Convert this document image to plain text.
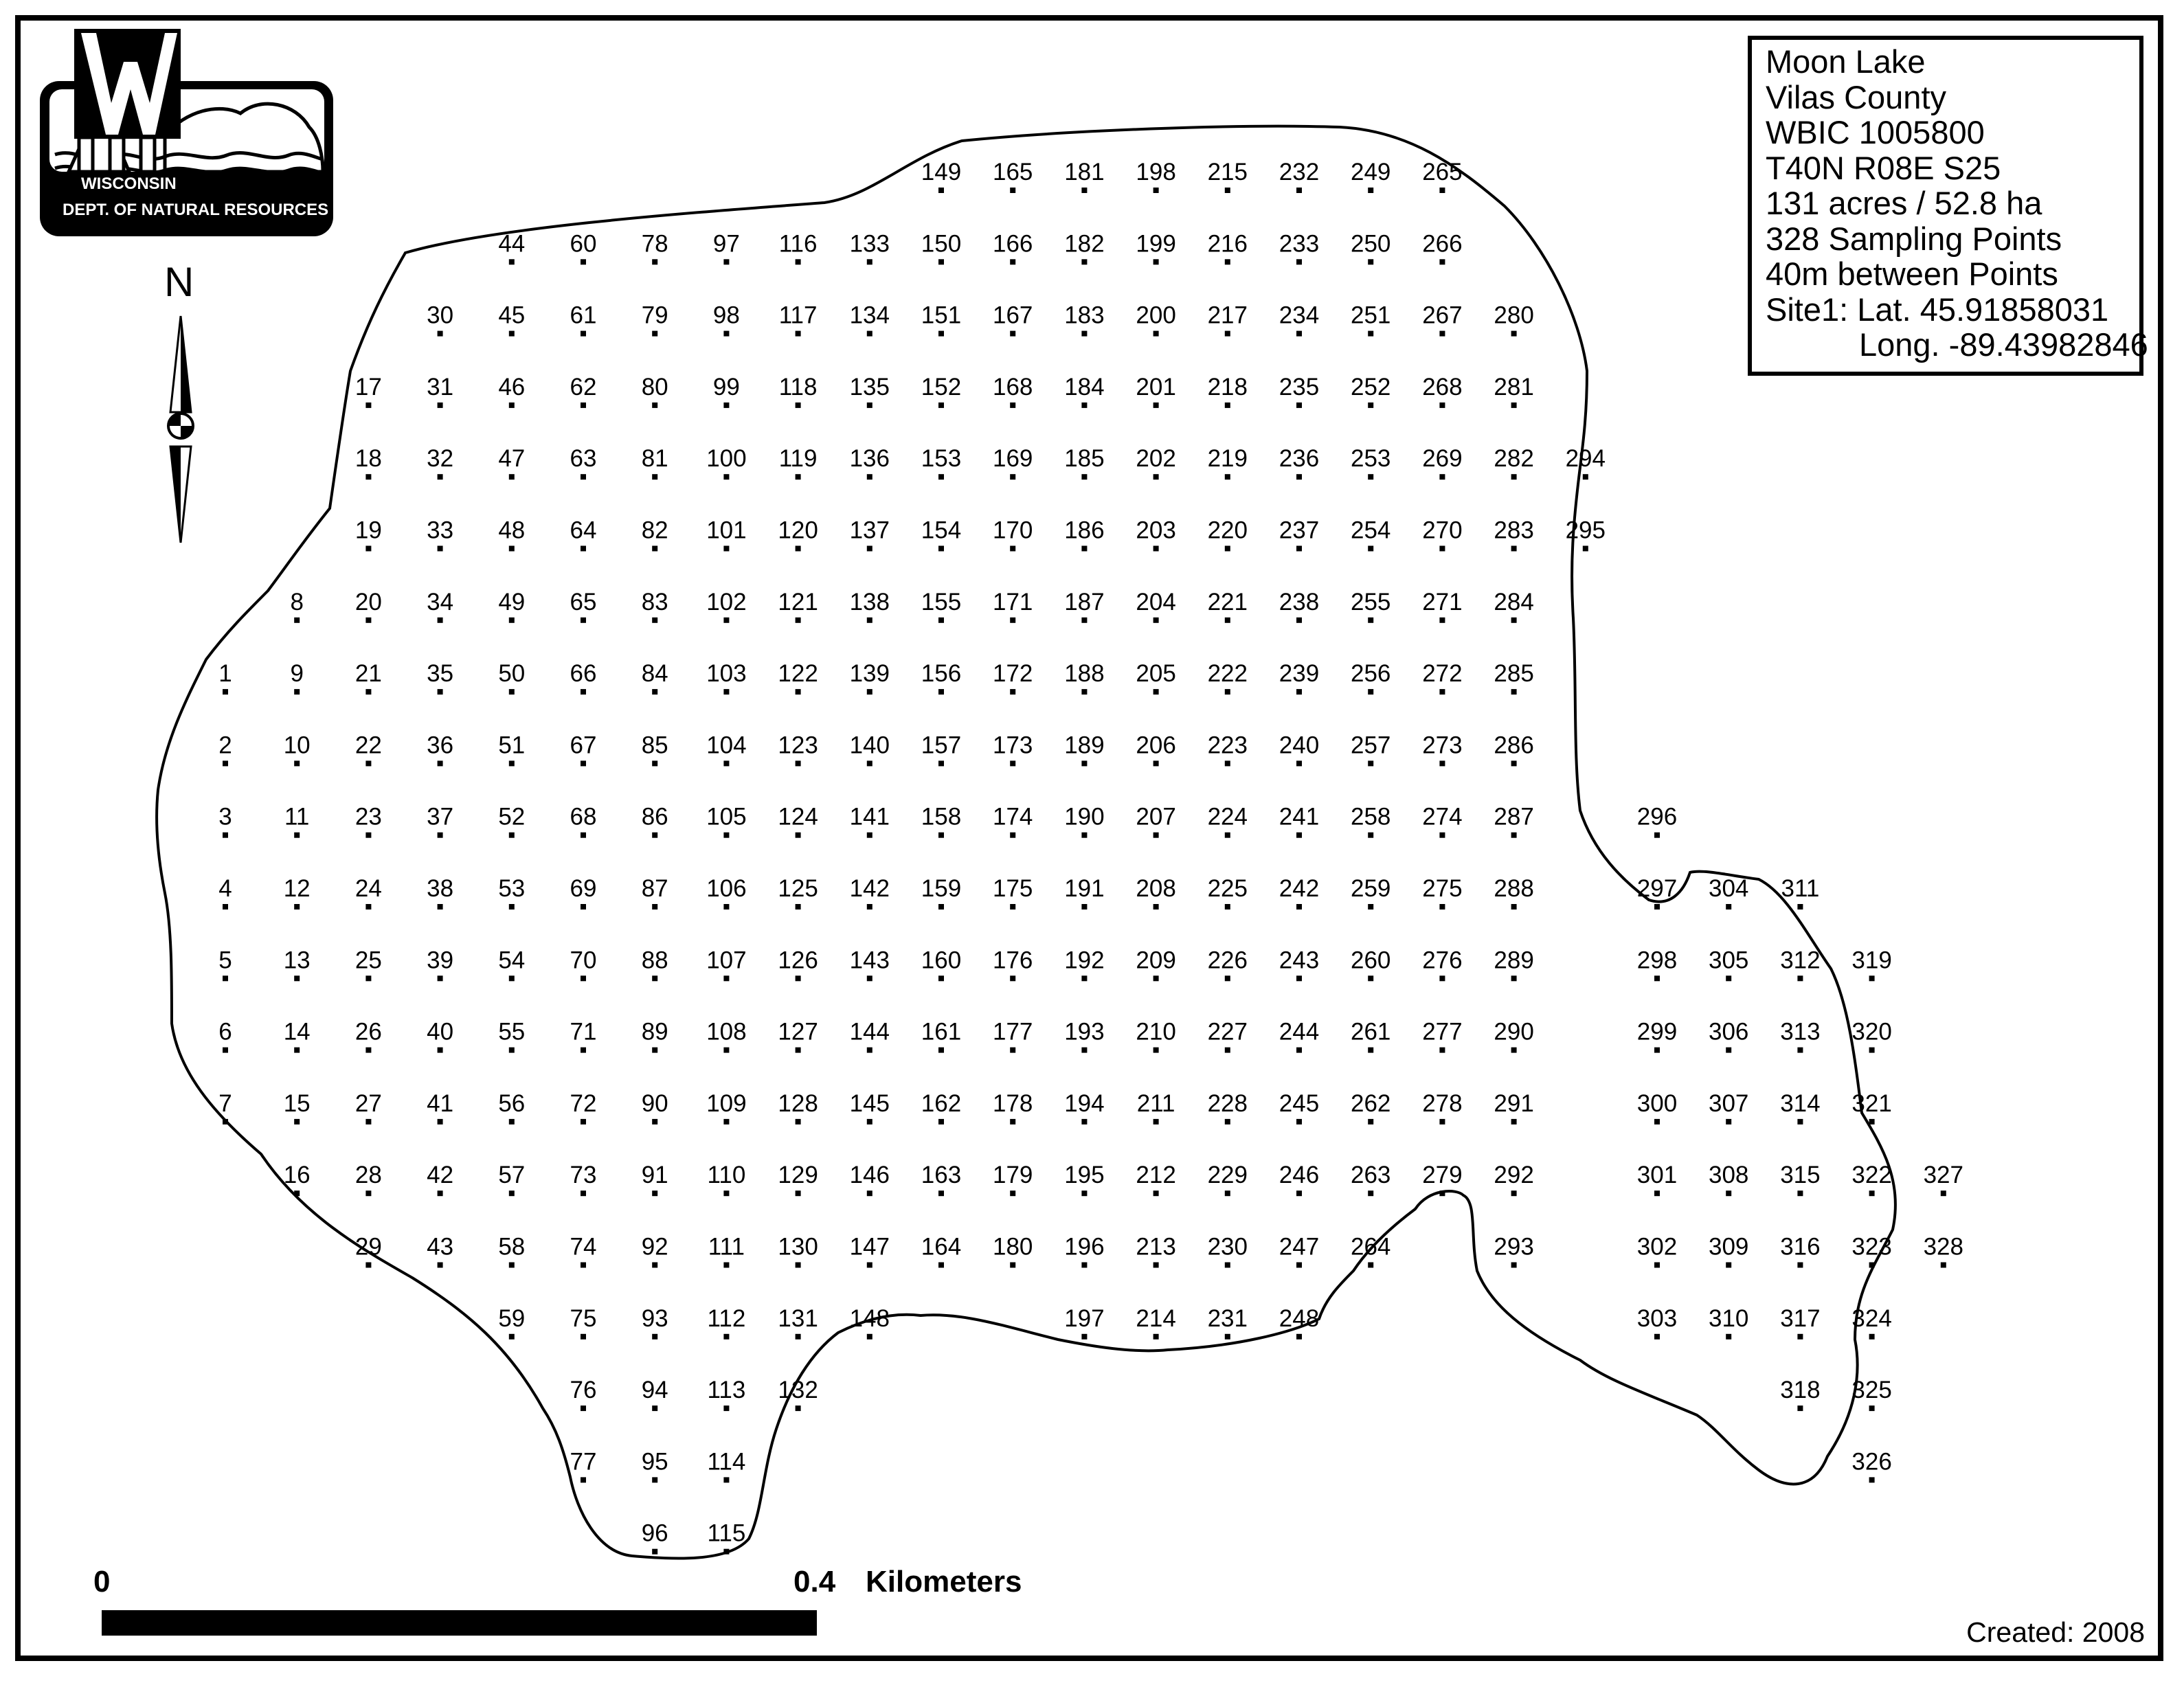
1
2
3
4
5
6
7
8
9
10
11
12
13
14
15
16
17
18
19
20
21
22
23
24
25
26
27
28
29
30
31
32
33
34
35
36
37
38
39
40
41
42
43
44
45
46
47
48
49
50
51
52
53
54
55
56
57
58
59
60
61
62
63
64
65
66
67
68
69
70
71
72
73
74
75
76
77
78
79
80
81
82
83
84
85
86
87
88
89
90
91
92
93
94
95
96
97
98
99
100
101
102
103
104
105
106
107
108
109
110
111
112
113
114
115
116
117
118
119
120
121
122
123
124
125
126
127
128
129
130
131
132
133
134
135
136
137
138
139
140
141
142
143
144
145
146
147
148
149
150
151
152
153
154
155
156
157
158
159
160
161
162
163
164
165
166
167
168
169
170
171
172
173
174
175
176
177
178
179
180
181
182
183
184
185
186
187
188
189
190
191
192
193
194
195
196
197
198
199
200
201
202
203
204
205
206
207
208
209
210
211
212
213
214
215
216
217
218
219
220
221
222
223
224
225
226
227
228
229
230
231
232
233
234
235
236
237
238
239
240
241
242
243
244
245
246
247
248
249
250
251
252
253
254
255
256
257
258
259
260
261
262
263
264
265
266
267
268
269
270
271
272
273
274
275
276
277
278
279
280
281
282
283
284
285
286
287
288
289
290
291
292
293
294
295
296
297
298
299
300
301
302
303
304
305
306
307
308
309
310
311
312
313
314
315
316
317
318
319
320
321
322
323
324
325
326
327
328
WISCONSIN
DEPT. OF NATURAL RESOURCES
N
Moon Lake
Vilas County
WBIC 1005800
T40N R08E S25
131 acres / 52.8 ha
328 Sampling Points
40m between Points
Site1: Lat. 45.91858031
Long. -89.43982846
0	0.4 Kilometers
Created: 2008
